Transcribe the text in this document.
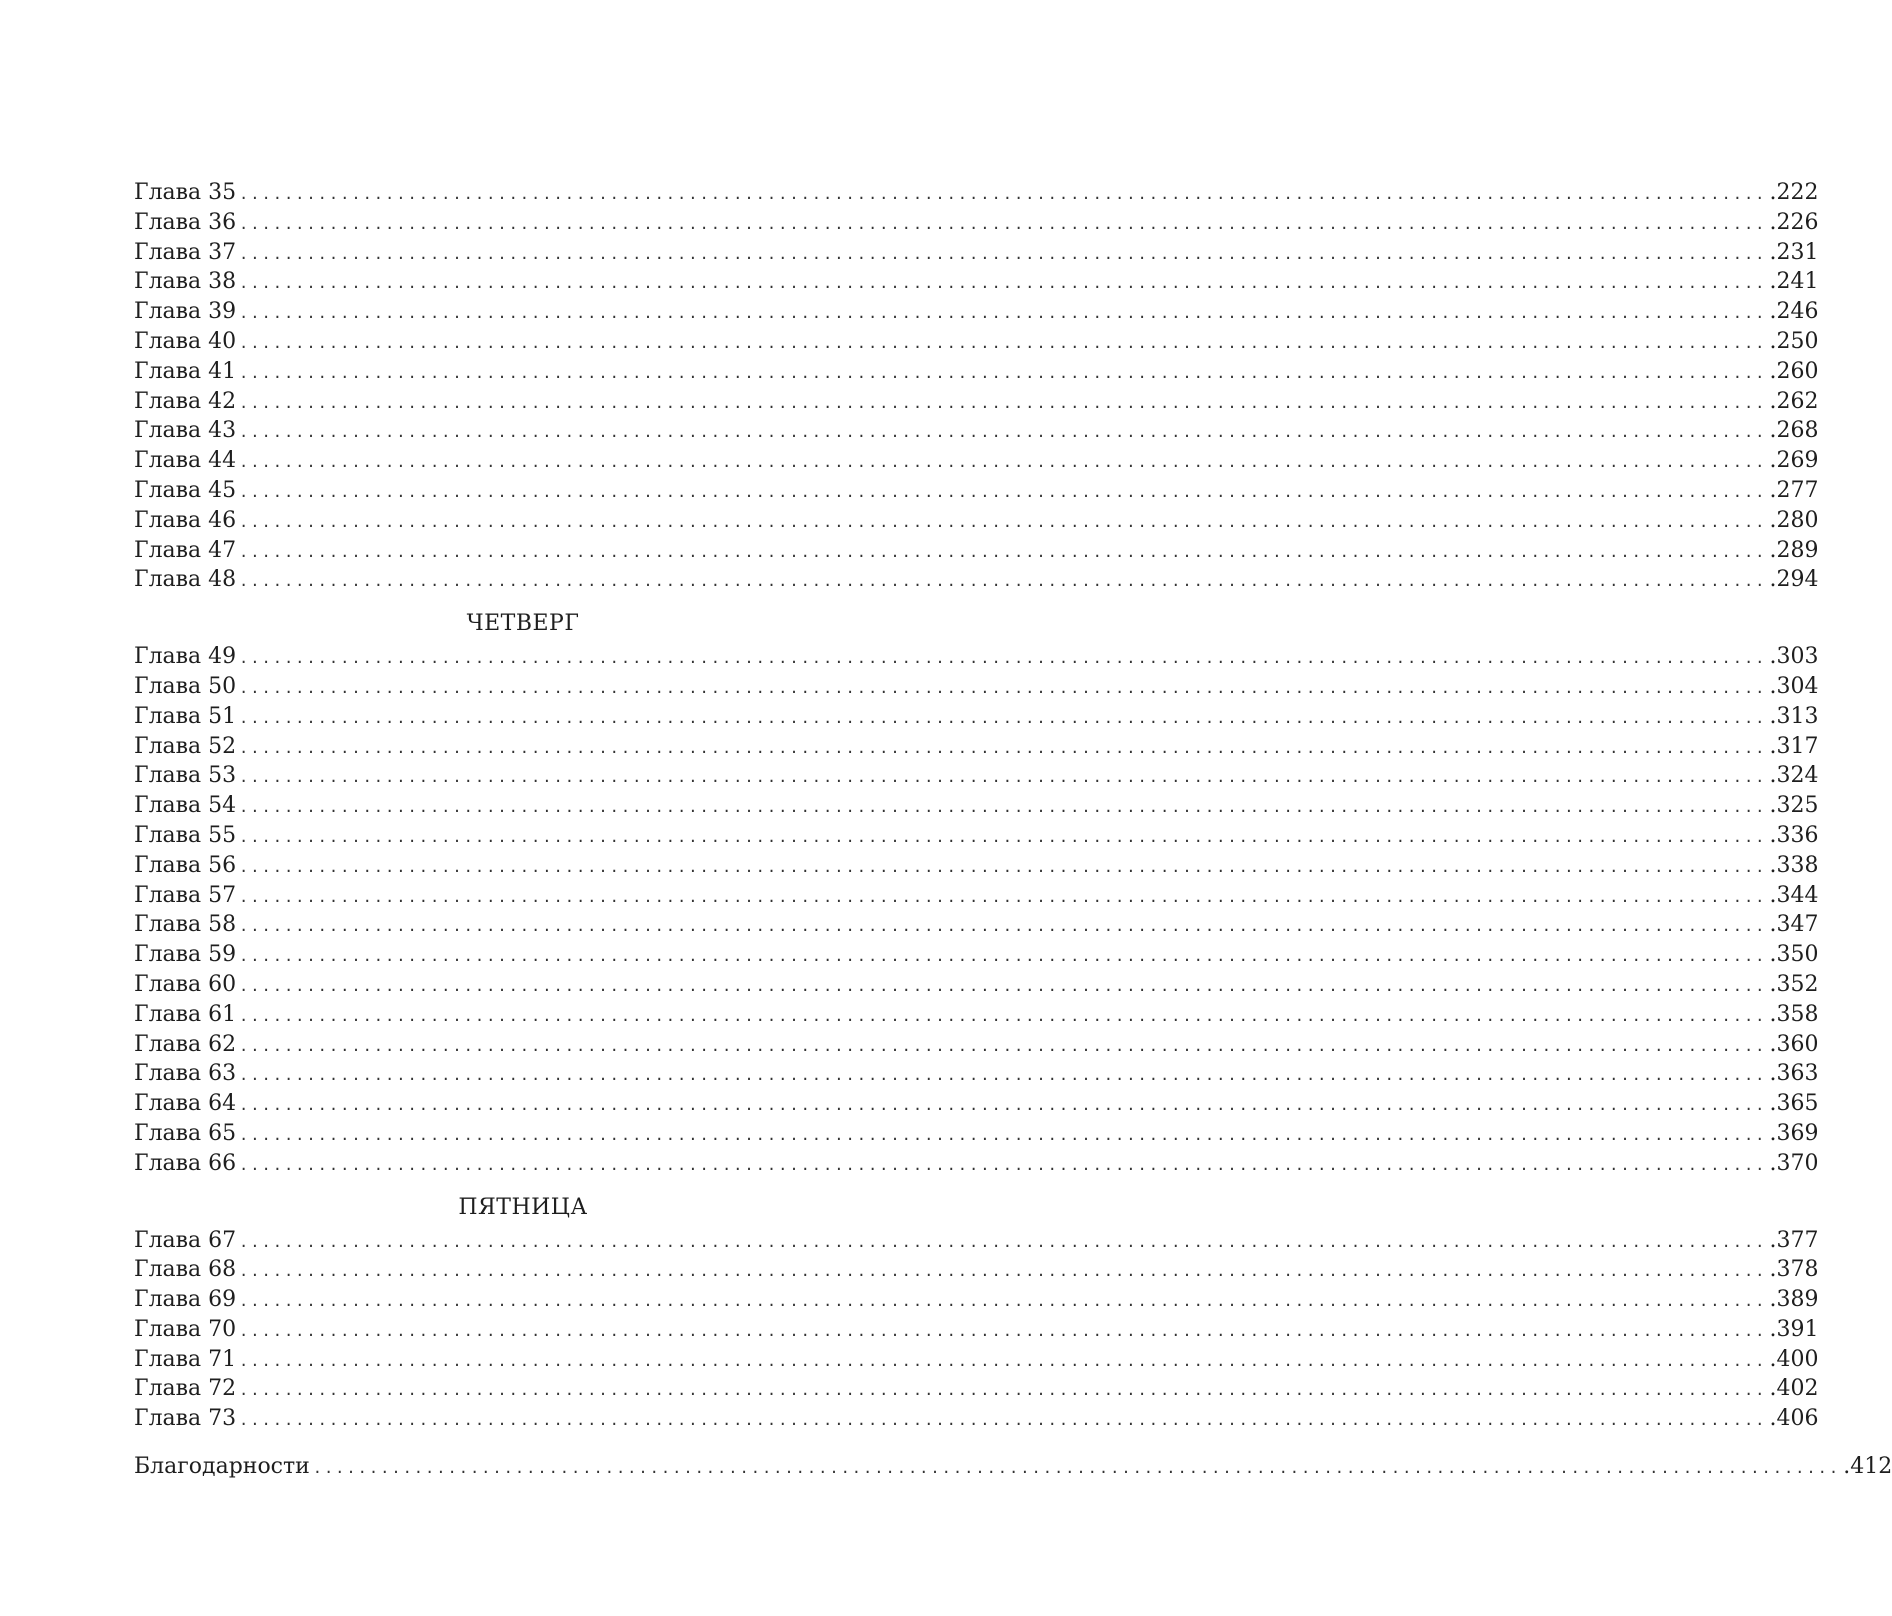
Глава 35 ........................................................................................................................................ .222
Глава 36 ........................................................................................................................................ .226
Глава 37 ........................................................................................................................................ .231
Глава 38 ........................................................................................................................................ .241
Глава 39 ........................................................................................................................................ .246
Глава 40 ........................................................................................................................................ .250
Глава 41 ........................................................................................................................................ .260
Глава 42 ........................................................................................................................................ .262
Глава 43 ........................................................................................................................................ .268
Глава 44 ........................................................................................................................................ .269
Глава 45 ........................................................................................................................................ .277
Глава 46 ........................................................................................................................................ .280
Глава 47 ........................................................................................................................................ .289
Глава 48 ........................................................................................................................................ .294
ЧЕТВЕРГ
Глава 49 ........................................................................................................................................ .303
Глава 50 ........................................................................................................................................ .304
Глава 51 ........................................................................................................................................ .313
Глава 52 ........................................................................................................................................ .317
Глава 53 ........................................................................................................................................ .324
Глава 54 ........................................................................................................................................ .325
Глава 55 ........................................................................................................................................ .336
Глава 56 ........................................................................................................................................ .338
Глава 57 ........................................................................................................................................ .344
Глава 58 ........................................................................................................................................ .347
Глава 59 ........................................................................................................................................ .350
Глава 60 ........................................................................................................................................ .352
Глава 61 ........................................................................................................................................ .358
Глава 62 ........................................................................................................................................ .360
Глава 63 ........................................................................................................................................ .363
Глава 64 ........................................................................................................................................ .365
Глава 65 ........................................................................................................................................ .369
Глава 66 ........................................................................................................................................ .370
ПЯТНИЦА
Глава 67 ........................................................................................................................................ .377
Глава 68 ........................................................................................................................................ .378
Глава 69 ........................................................................................................................................ .389
Глава 70 ........................................................................................................................................ .391
Глава 71 ........................................................................................................................................ .400
Глава 72 ........................................................................................................................................ .402
Глава 73 ........................................................................................................................................ .406
Благодарности ........................................................................................................................................ .412
